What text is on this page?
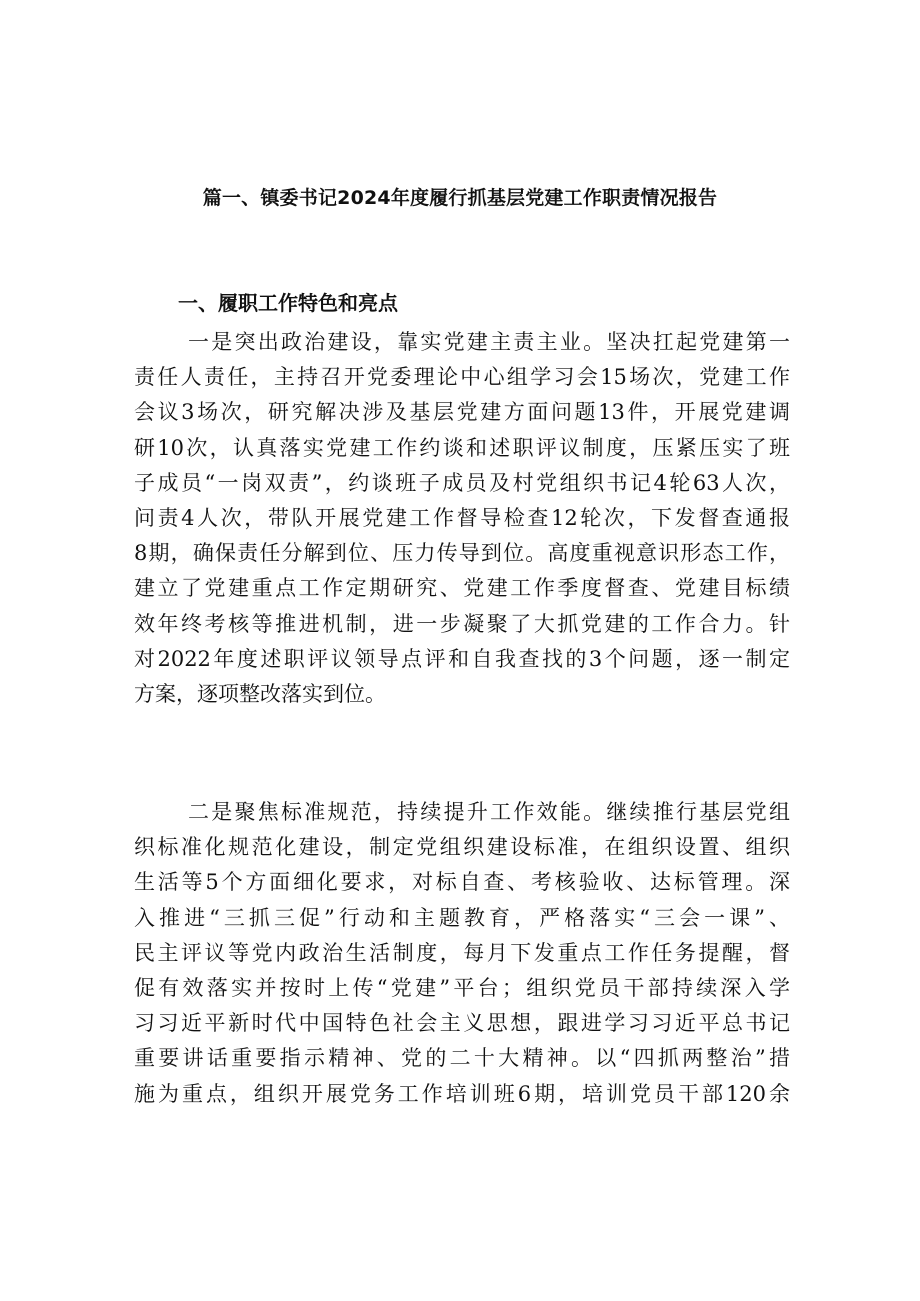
篇一、镇委书记2024年度履行抓基层党建工作职责情况报告
一、履职工作特色和亮点
一是突出政治建设，靠实党建主责主业。坚决扛起党建第一
责任人责任，主持召开党委理论中心组学习会15场次，党建工作
会议3场次，研究解决涉及基层党建方面问题13件，开展党建调
研10次，认真落实党建工作约谈和述职评议制度，压紧压实了班
子成员“一岗双责”，约谈班子成员及村党组织书记4轮63人次，
问责4人次，带队开展党建工作督导检查12轮次，下发督查通报
8期，确保责任分解到位、压力传导到位。高度重视意识形态工作，
建立了党建重点工作定期研究、党建工作季度督查、党建目标绩
效年终考核等推进机制，进一步凝聚了大抓党建的工作合力。针
对2022年度述职评议领导点评和自我查找的3个问题，逐一制定
方案，逐项整改落实到位。
二是聚焦标准规范，持续提升工作效能。继续推行基层党组
织标准化规范化建设，制定党组织建设标准，在组织设置、组织
生活等5个方面细化要求，对标自查、考核验收、达标管理。深
入推进“三抓三促”行动和主题教育，严格落实“三会一课”、
民主评议等党内政治生活制度，每月下发重点工作任务提醒，督
促有效落实并按时上传“党建”平台；组织党员干部持续深入学
习习近平新时代中国特色社会主义思想，跟进学习习近平总书记
重要讲话重要指示精神、党的二十大精神。以“四抓两整治”措
施为重点，组织开展党务工作培训班6期，培训党员干部120余
